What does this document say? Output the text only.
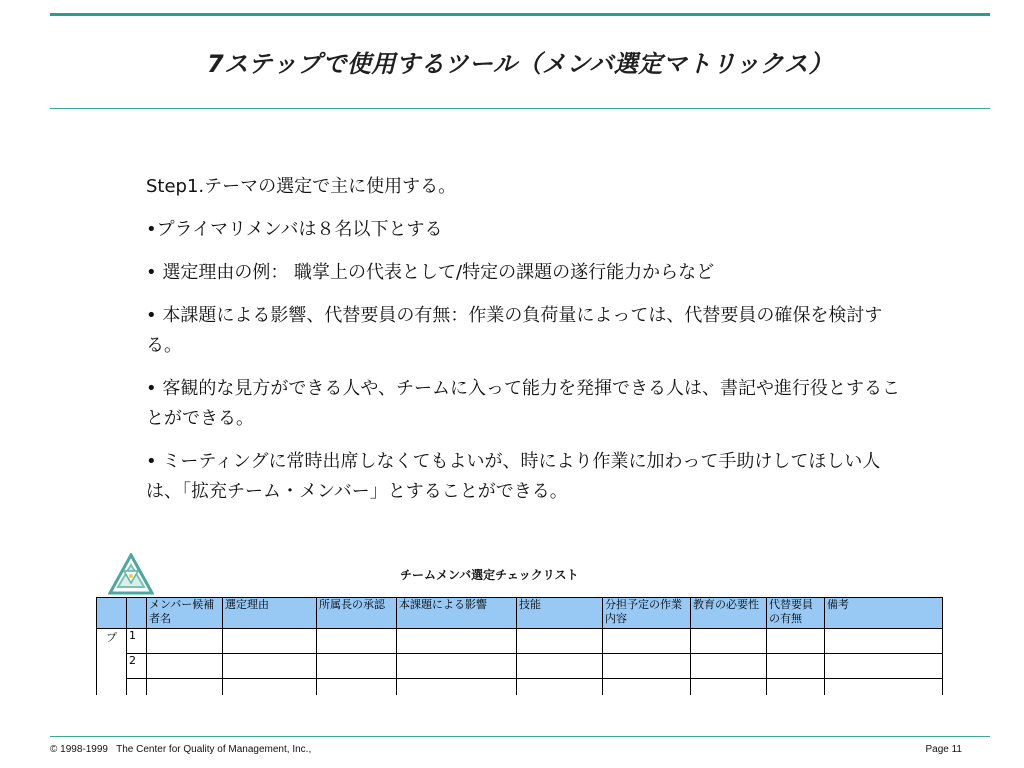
7ステップで使用するツール（メンバ選定マトリックス）

Step1.テーマの選定で主に使用する。

•プライマリメンバは８名以下とする

• 選定理由の例： 職掌上の代表として/特定の課題の遂行能力からなど

• 本課題による影響、代替要員の有無：作業の負荷量によっては、代替要員の確保を検討する。

• 客観的な見方ができる人や、チームに入って能力を発揮できる人は、書記や進行役とすることができる。

• ミーティングに常時出席しなくてもよいが、時により作業に加わって手助けしてほしい人は、「拡充チーム・メンバー」とすることができる。

チームメンバ選定チェックリスト
		メンバー候補者名	選定理由	所属長の承認	本課題による影響	技能	分担予定の作業内容	教育の必要性	代替要員の有無	備考
プ	1									
	2									

© 1998-1999   The Center for Quality of Management, Inc.,	Page 11
